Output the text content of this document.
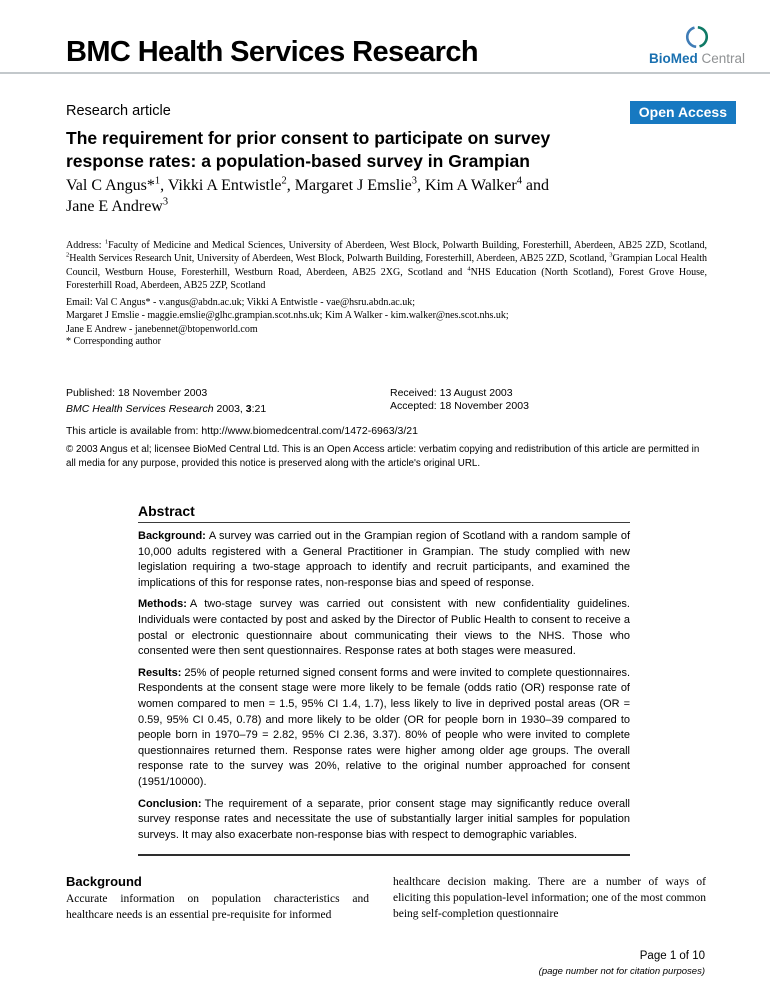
BMC Health Services Research	BioMed Central
Research article	Open Access
The requirement for prior consent to participate on survey
response rates: a population-based survey in Grampian
Val C Angus*$^1$, Vikki A Entwistle$^2$, Margaret J Emslie$^3$, Kim A Walker$^4$ and
Jane E Andrew$^3$
Address: $^1$Faculty of Medicine and Medical Sciences, University of Aberdeen, West Block, Polwarth Building, Foresterhill, Aberdeen, AB25 2ZD, Scotland, $^2$Health Services Research Unit, University of Aberdeen, West Block, Polwarth Building, Foresterhill, Aberdeen, AB25 2ZD, Scotland, $^3$Grampian Local Health Council, Westburn House, Foresterhill, Westburn Road, Aberdeen, AB25 2XG, Scotland and $^4$NHS Education (North Scotland), Forest Grove House, Foresterhill Road, Aberdeen, AB25 2ZP, Scotland
Email: Val C Angus* - v.angus@abdn.ac.uk; Vikki A Entwistle - vae@hsru.abdn.ac.uk;
Margaret J Emslie - maggie.emslie@glhc.grampian.scot.nhs.uk; Kim A Walker - kim.walker@nes.scot.nhs.uk;
Jane E Andrew - janebennet@btopenworld.com
* Corresponding author
Published: 18 November 2003
BMC Health Services Research 2003, 3:21
Received: 13 August 2003
Accepted: 18 November 2003
This article is available from: http://www.biomedcentral.com/1472-6963/3/21
© 2003 Angus et al; licensee BioMed Central Ltd. This is an Open Access article: verbatim copying and redistribution of this article are permitted in all media for any purpose, provided this notice is preserved along with the article's original URL.
Abstract

Background: A survey was carried out in the Grampian region of Scotland with a random sample of 10,000 adults registered with a General Practitioner in Grampian. The study complied with new legislation requiring a two-stage approach to identify and recruit participants, and examined the implications of this for response rates, non-response bias and speed of response.

Methods: A two-stage survey was carried out consistent with new confidentiality guidelines. Individuals were contacted by post and asked by the Director of Public Health to consent to receive a postal or electronic questionnaire about communicating their views to the NHS. Those who consented were then sent questionnaires. Response rates at both stages were measured.

Results: 25% of people returned signed consent forms and were invited to complete questionnaires. Respondents at the consent stage were more likely to be female (odds ratio (OR) response rate of women compared to men = 1.5, 95% CI 1.4, 1.7), less likely to live in deprived postal areas (OR = 0.59, 95% CI 0.45, 0.78) and more likely to be older (OR for people born in 1930–39 compared to people born in 1970–79 = 2.82, 95% CI 2.36, 3.37). 80% of people who were invited to complete questionnaires returned them. Response rates were higher among older age groups. The overall response rate to the survey was 20%, relative to the original number approached for consent (1951/10000).

Conclusion: The requirement of a separate, prior consent stage may significantly reduce overall survey response rates and necessitate the use of substantially larger initial samples for population surveys. It may also exacerbate non-response bias with respect to demographic variables.

Background
Accurate information on population characteristics and healthcare needs is an essential pre-requisite for informed
healthcare decision making. There are a number of ways of eliciting this population-level information; one of the most common being self-completion questionnaire
Page 1 of 10
(page number not for citation purposes)
